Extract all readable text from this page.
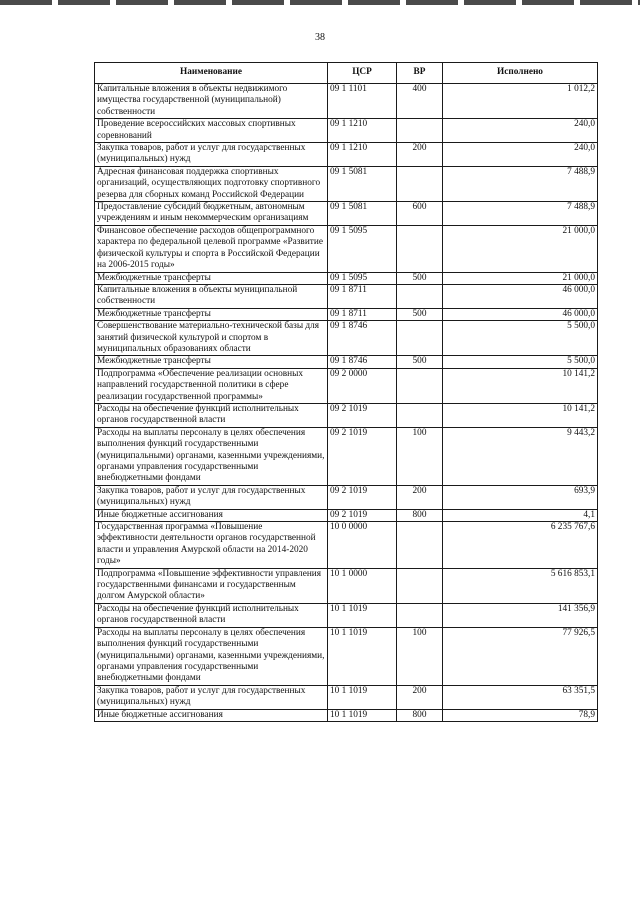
38
Наименование	ЦСР	ВР	Исполнено
Капитальные вложения в объекты недвижимого имущества государственной (муниципальной) собственности	09 1 1101	400	1 012,2
Проведение всероссийских массовых спортивных соревнований	09 1 1210		240,0
Закупка товаров, работ и услуг для государственных (муниципальных) нужд	09 1 1210	200	240,0
Адресная финансовая поддержка спортивных организаций, осуществляющих подготовку спортивного резерва для сборных команд Российской Федерации	09 1 5081		7 488,9
Предоставление субсидий бюджетным, автономным учреждениям и иным некоммерческим организациям	09 1 5081	600	7 488,9
Финансовое обеспечение расходов общепрограммного характера по федеральной целевой программе «Развитие физической культуры и спорта в Российской Федерации на 2006-2015 годы»	09 1 5095		21 000,0
Межбюджетные трансферты	09 1 5095	500	21 000,0
Капитальные вложения в объекты муниципальной собственности	09 1 8711		46 000,0
Межбюджетные трансферты	09 1 8711	500	46 000,0
Совершенствование материально-технической базы для занятий физической культурой и спортом в муниципальных образованиях области	09 1 8746		5 500,0
Межбюджетные трансферты	09 1 8746	500	5 500,0
Подпрограмма «Обеспечение реализации основных направлений государственной политики в сфере реализации государственной программы»	09 2 0000		10 141,2
Расходы на обеспечение функций исполнительных органов государственной власти	09 2 1019		10 141,2
Расходы на выплаты персоналу в целях обеспечения выполнения функций государственными (муниципальными) органами, казенными учреждениями, органами управления государственными внебюджетными фондами	09 2 1019	100	9 443,2
Закупка товаров, работ и услуг для государственных (муниципальных) нужд	09 2 1019	200	693,9
Иные бюджетные ассигнования	09 2 1019	800	4,1
Государственная программа «Повышение эффективности деятельности органов государственной власти и управления Амурской области на 2014-2020 годы»	10 0 0000		6 235 767,6
Подпрограмма «Повышение эффективности управления государственными финансами и государственным долгом Амурской области»	10 1 0000		5 616 853,1
Расходы на обеспечение функций исполнительных органов государственной власти	10 1 1019		141 356,9
Расходы на выплаты персоналу в целях обеспечения выполнения функций государственными (муниципальными) органами, казенными учреждениями, органами управления государственными внебюджетными фондами	10 1 1019	100	77 926,5
Закупка товаров, работ и услуг для государственных (муниципальных) нужд	10 1 1019	200	63 351,5
Иные бюджетные ассигнования	10 1 1019	800	78,9
